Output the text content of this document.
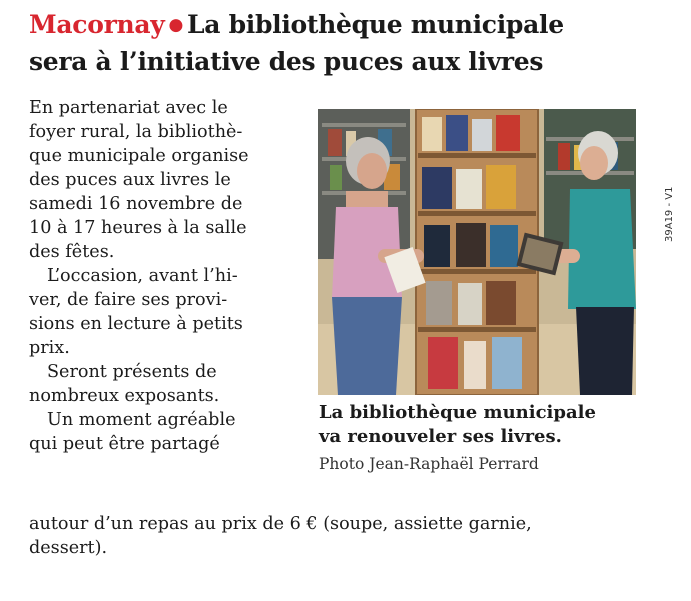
Macornay ● La bibliothèque municipale
sera à l’initiative des puces aux livres

En partenariat avec le
foyer rural, la bibliothè-
que municipale organise
des puces aux livres le
samedi 16 novembre de
10 à 17 heures à la salle
des fêtes.

L’occasion, avant l’hi-
ver, de faire ses provi-
sions en lecture à petits
prix.

Seront présents de
nombreux exposants.

Un moment agréable
qui peut être partagé

autour d’un repas au prix de 6 € (soupe, assiette garnie,
dessert).

La bibliothèque municipale
va renouveler ses livres.
Photo Jean-Raphaël Perrard
39A19 - V1
